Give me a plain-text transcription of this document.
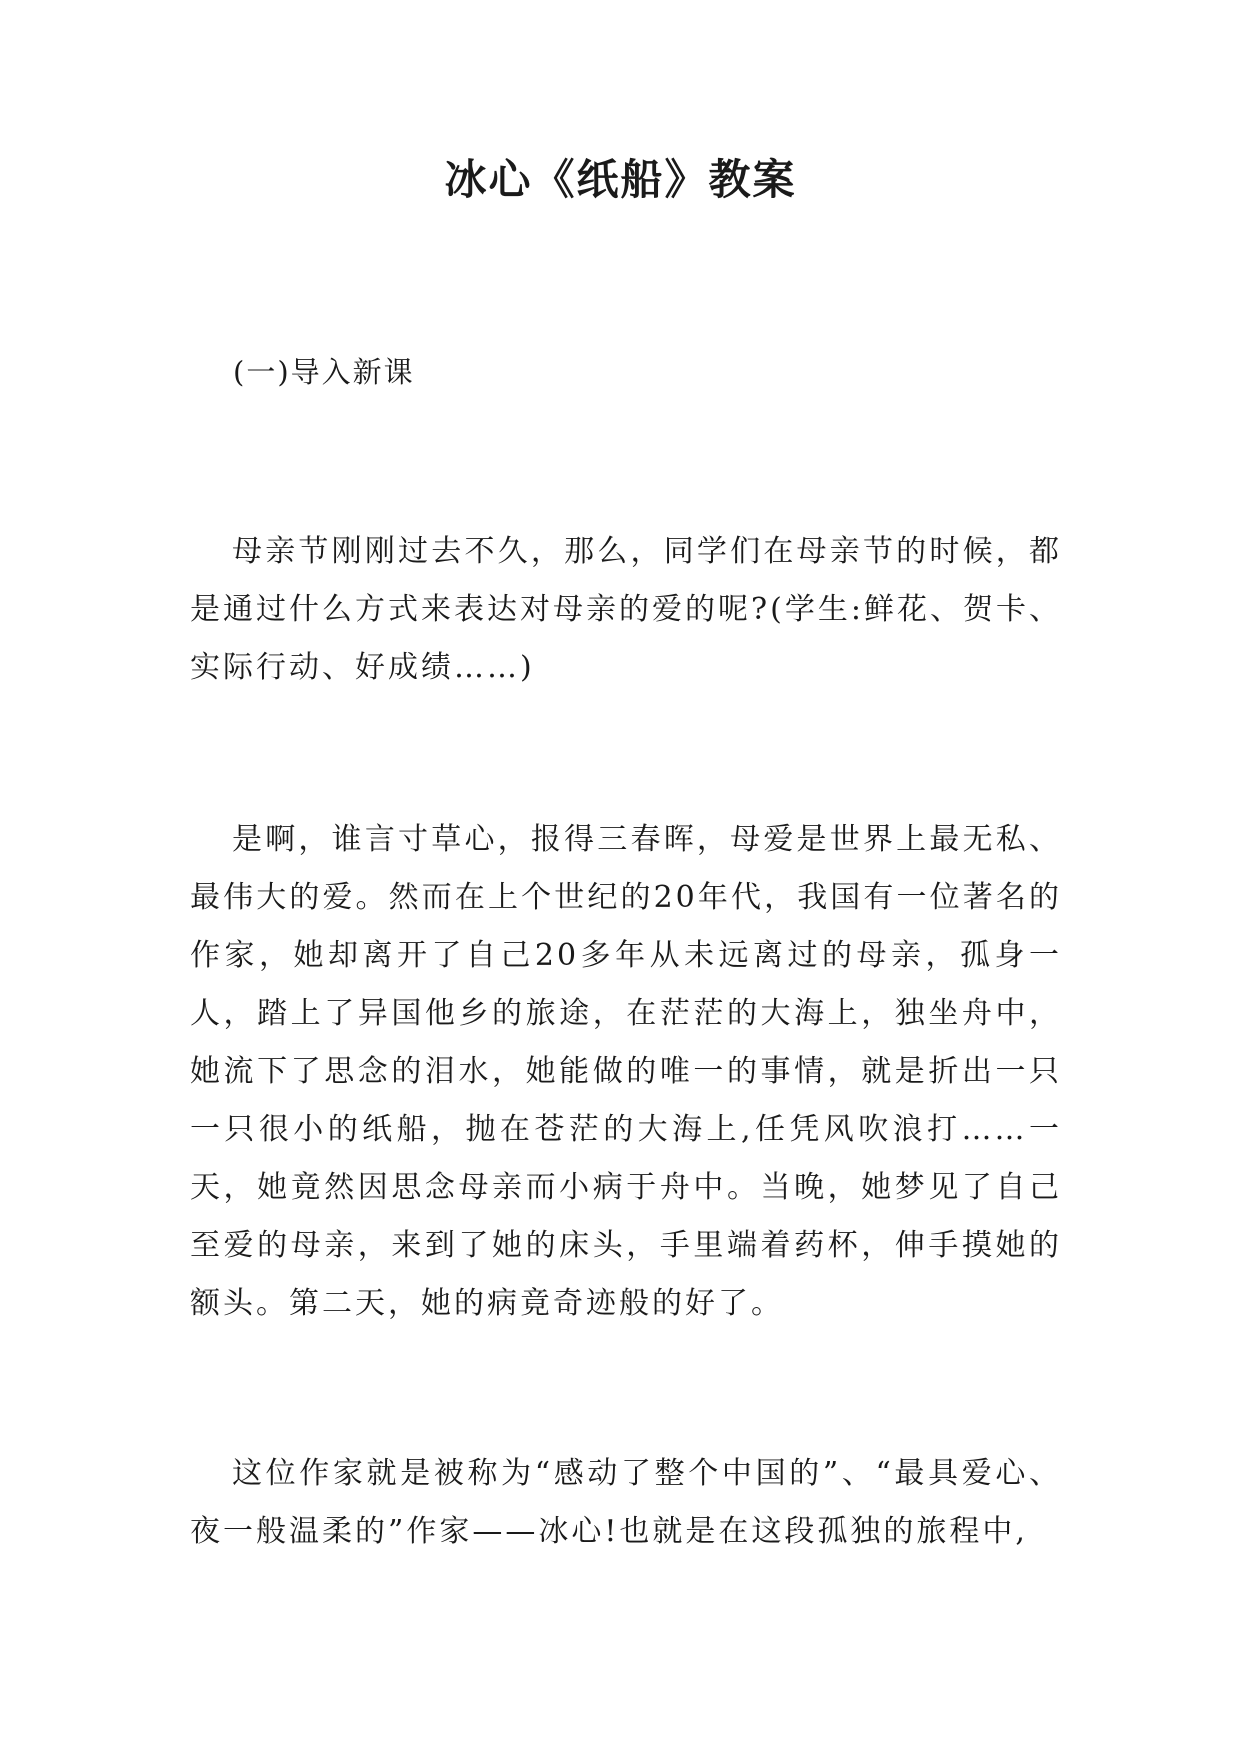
冰心《纸船》教案
(一)导入新课

母亲节刚刚过去不久，那么，同学们在母亲节的时候，都是通过什么方式来表达对母亲的爱的呢?(学生:鲜花、贺卡、实际行动、好成绩……)

是啊，谁言寸草心，报得三春晖，母爱是世界上最无私、最伟大的爱。然而在上个世纪的20年代，我国有一位著名的作家，她却离开了自己20多年从未远离过的母亲，孤身一人，踏上了异国他乡的旅途，在茫茫的大海上，独坐舟中，她流下了思念的泪水，她能做的唯一的事情，就是折出一只一只很小的纸船，抛在苍茫的大海上,任凭风吹浪打……一天，她竟然因思念母亲而小病于舟中。当晚，她梦见了自己至爱的母亲，来到了她的床头，手里端着药杯，伸手摸她的额头。第二天，她的病竟奇迹般的好了。

这位作家就是被称为“感动了整个中国的”、“最具爱心、夜一般温柔的”作家——冰心!也就是在这段孤独的旅程中,
